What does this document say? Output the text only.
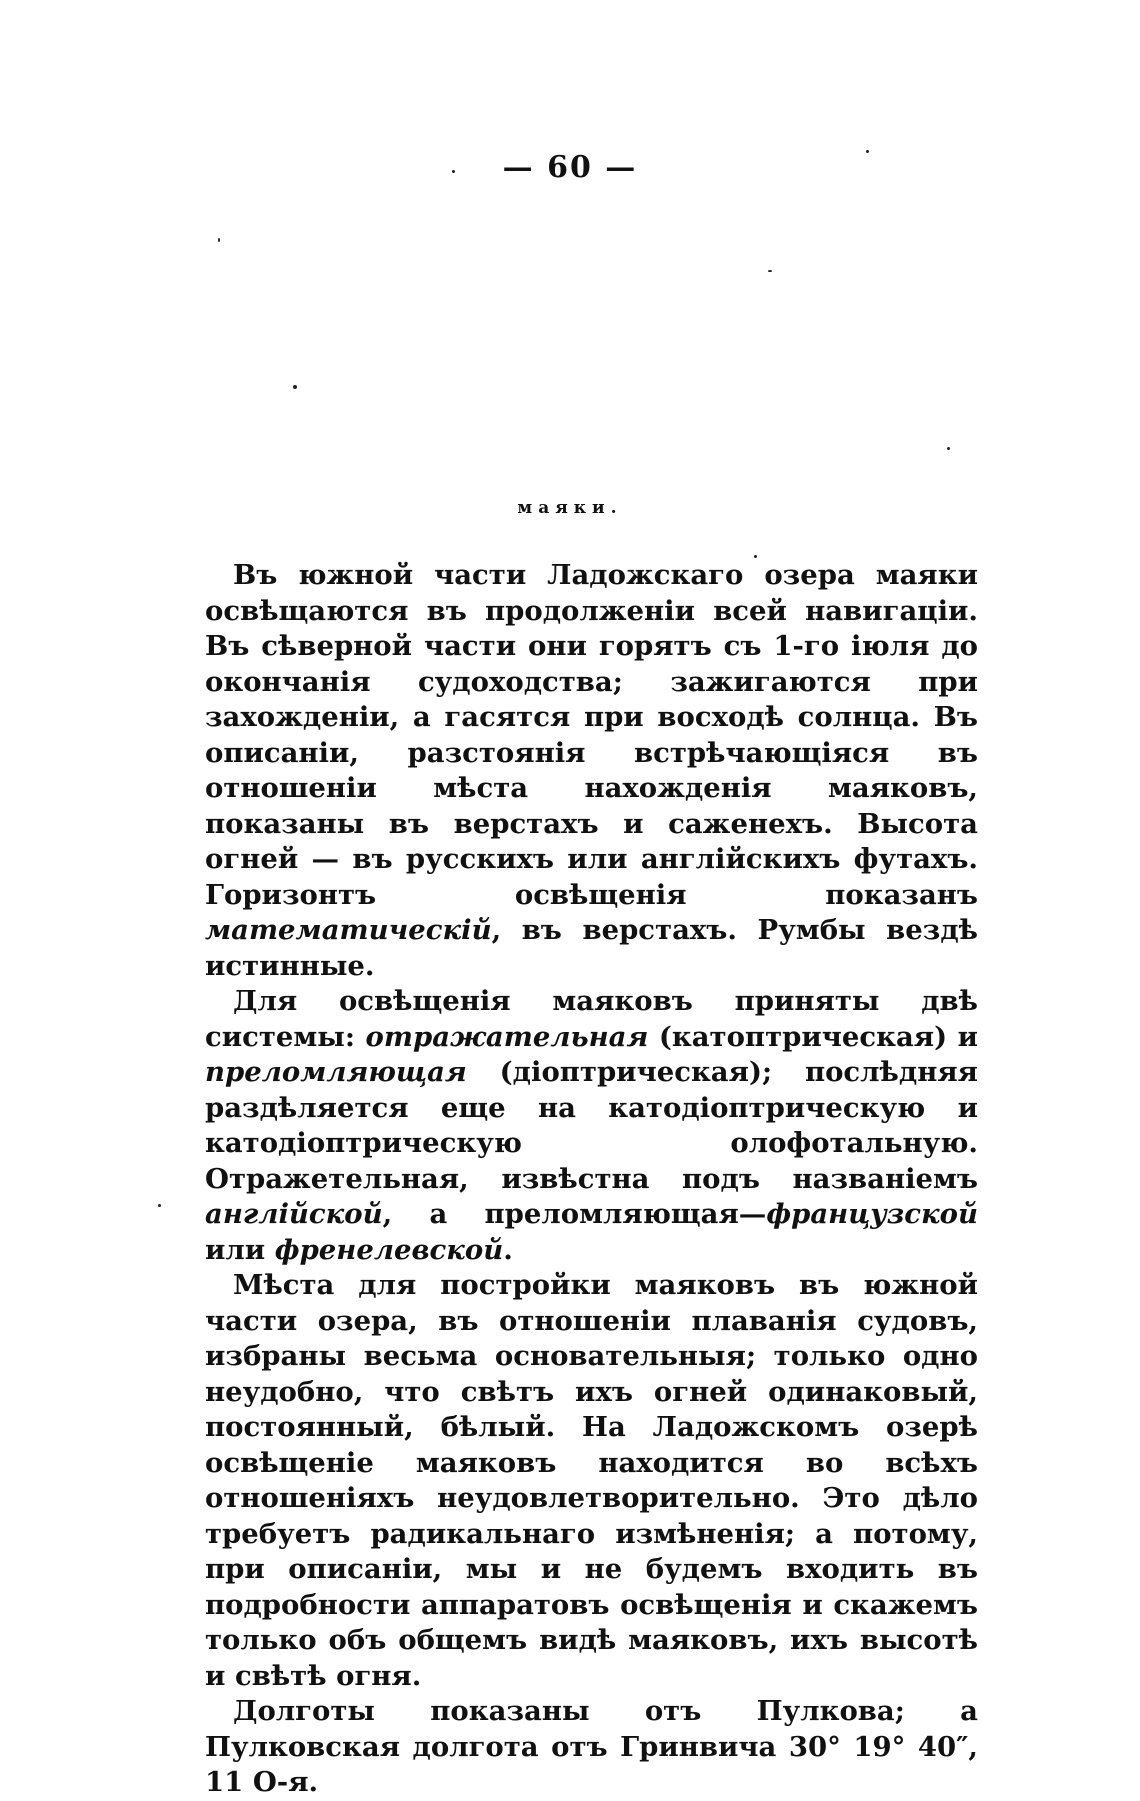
— 60 —
маяки.

Въ южной части Ладожскаго озера маяки освѣщаются въ продолженіи всей навигаціи. Въ сѣверной части они горятъ съ 1-го іюля до окончанія судоходства; зажигаются при захожденіи, а гасятся при восходѣ солнца. Въ описаніи, разстоянія встрѣчающіяся въ отношеніи мѣста нахожденія маяковъ, показаны въ верстахъ и саженехъ. Высота огней — въ русскихъ или англійскихъ футахъ. Горизонтъ освѣщенія показанъ математическій, въ верстахъ. Румбы вездѣ истинные.

Для освѣщенія маяковъ приняты двѣ системы: отражательная (катоптрическая) и преломляющая (діоптрическая); послѣдняя раздѣляется еще на катодіоптрическую и катодіоптрическую олофотальную. Отражетельная, извѣстна подъ названіемъ англійской, а преломляющая—французской или френелевской.

Мѣста для постройки маяковъ въ южной части озера, въ отношеніи плаванія судовъ, избраны весьма основательныя; только одно неудобно, что свѣтъ ихъ огней одинаковый, постоянный, бѣлый. На Ладожскомъ озерѣ освѣщеніе маяковъ находится во всѣхъ отношеніяхъ неудовлетворительно. Это дѣло требуетъ радикальнаго измѣненія; а потому, при описаніи, мы и не будемъ входить въ подробности аппаратовъ освѣщенія и скажемъ только объ общемъ видѣ маяковъ, ихъ высотѣ и свѣтѣ огня.

Долготы показаны отъ Пулкова; а Пулковская долгота отъ Гринвича 30° 19° 40″, 11 О-я.
